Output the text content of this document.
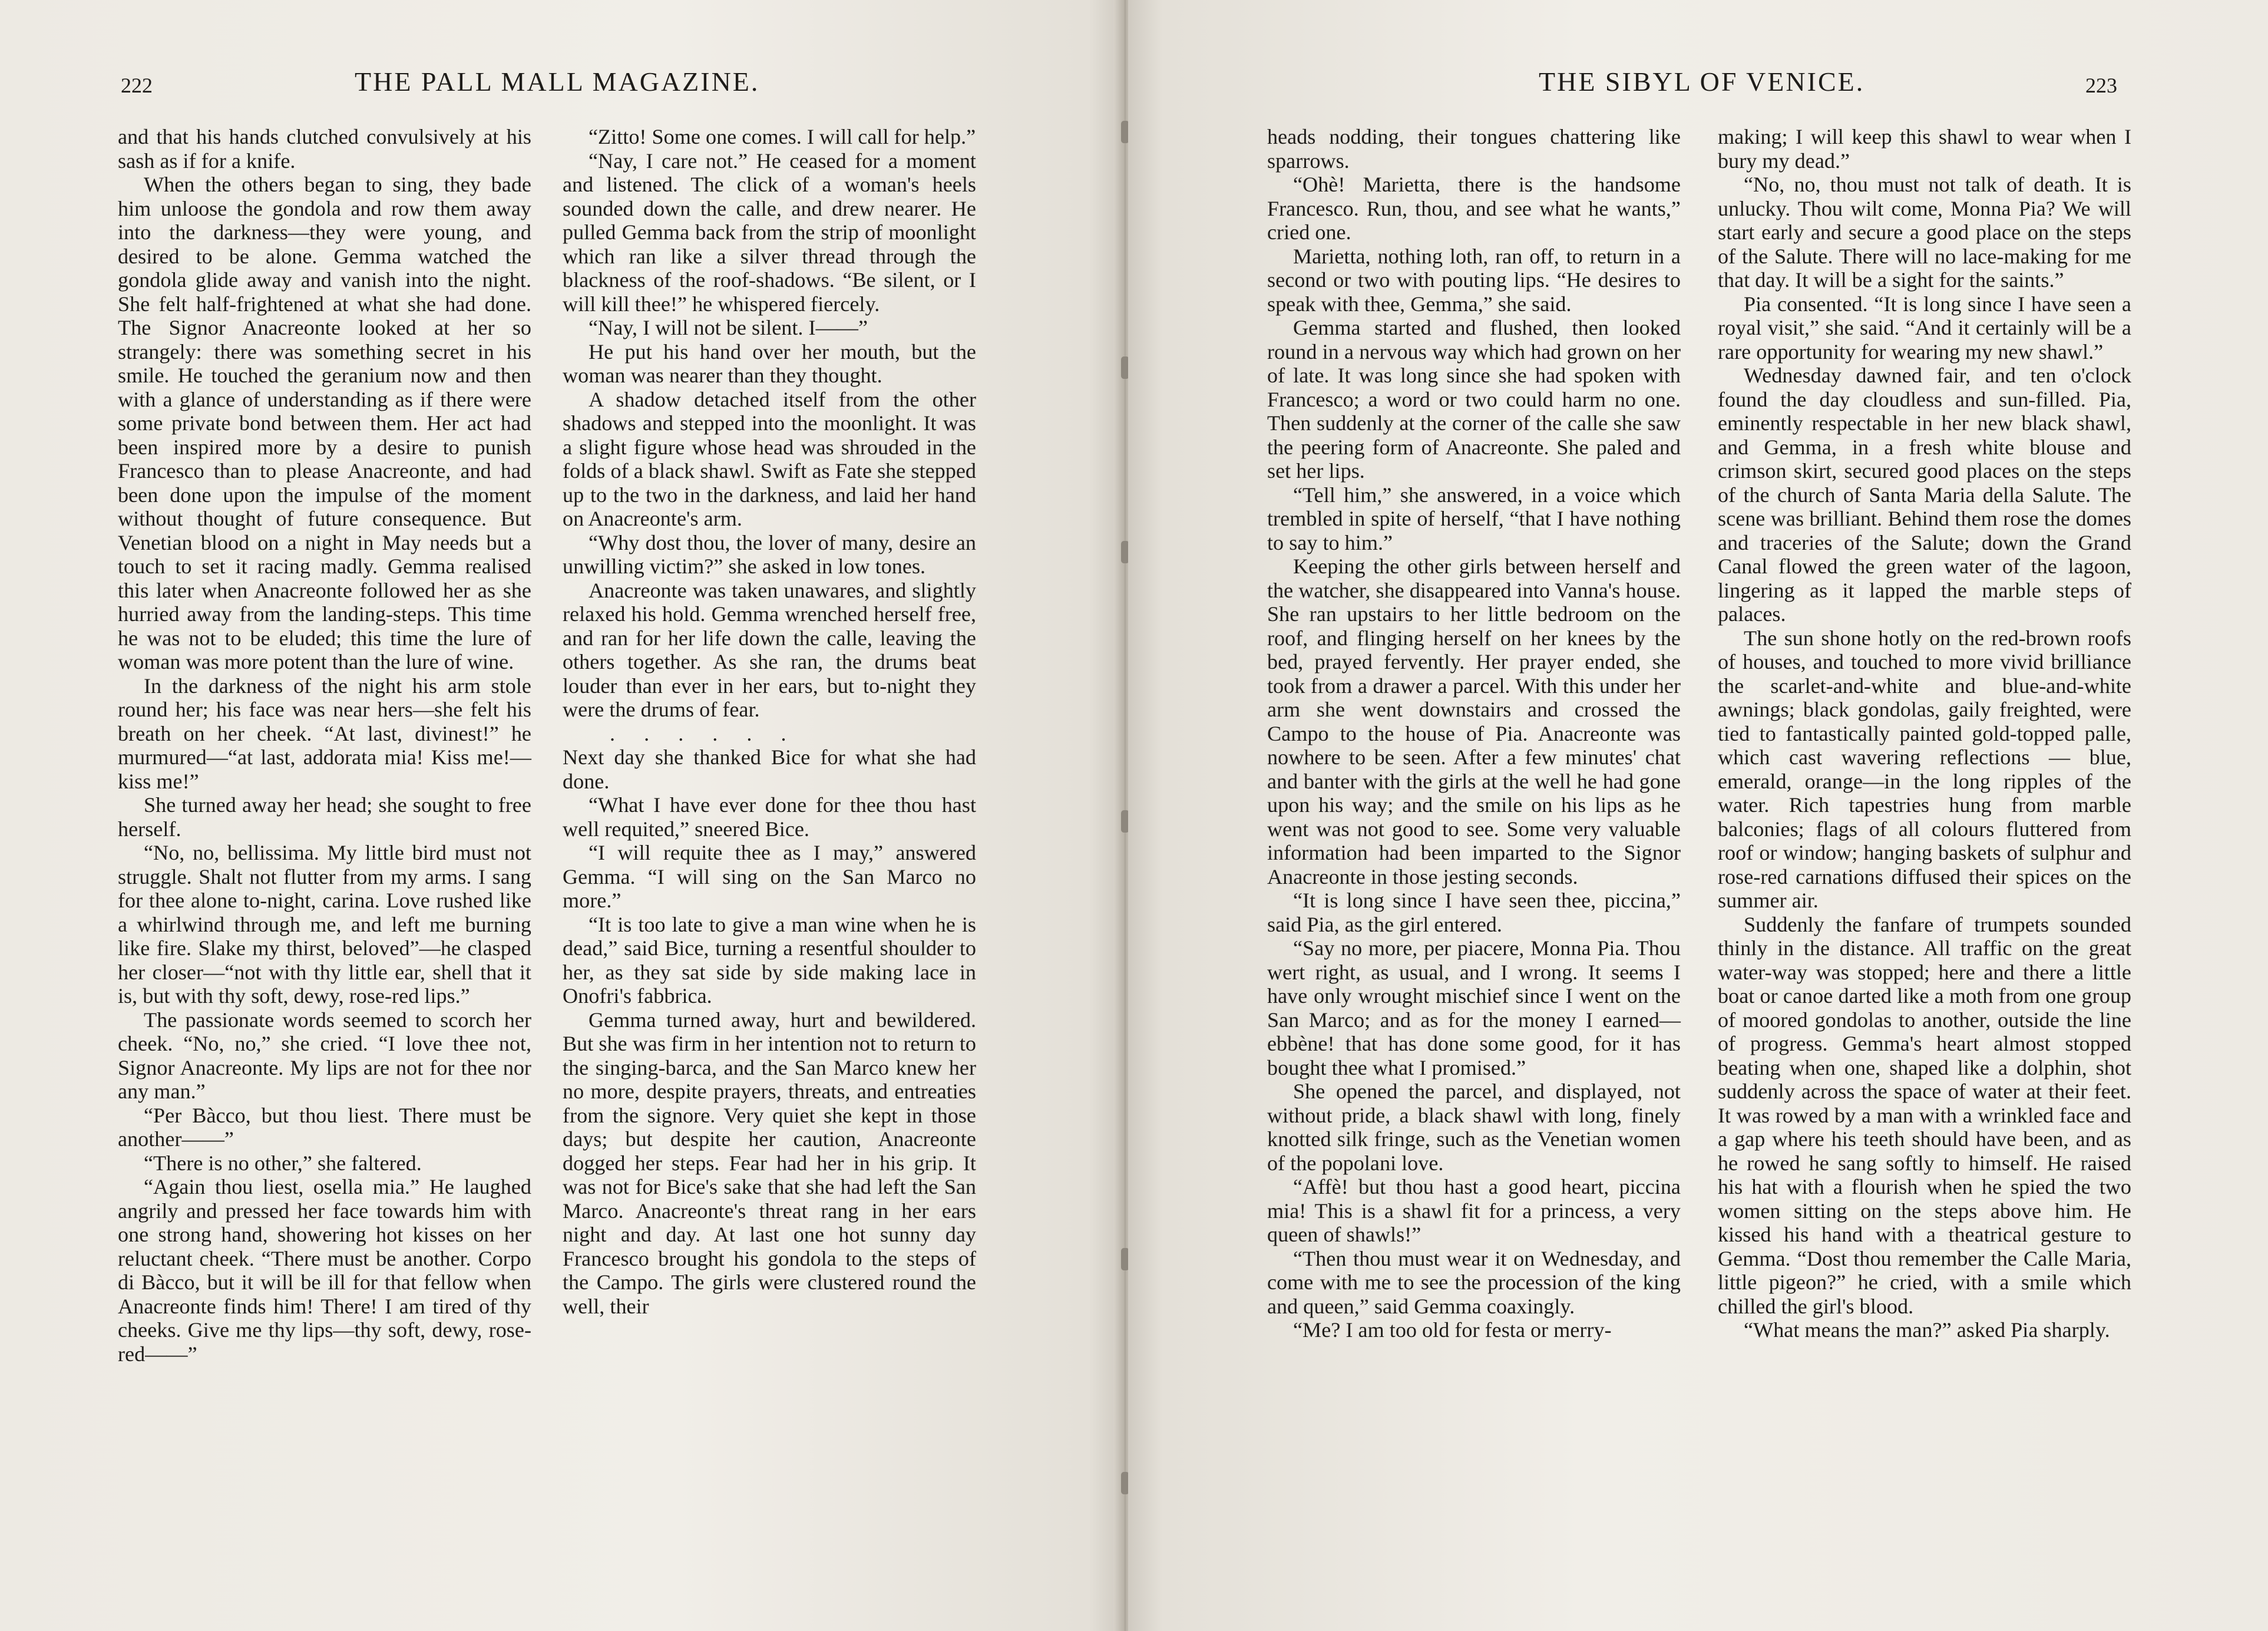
222	THE PALL MALL MAGAZINE.

and that his hands clutched convulsively at his sash as if for a knife.

When the others began to sing, they bade him unloose the gondola and row them away into the darkness—they were young, and desired to be alone. Gemma watched the gondola glide away and vanish into the night. She felt half-frightened at what she had done. The Signor Anacreonte looked at her so strangely: there was something secret in his smile. He touched the geranium now and then with a glance of understanding as if there were some private bond between them. Her act had been inspired more by a desire to punish Francesco than to please Anacreonte, and had been done upon the impulse of the moment without thought of future consequence. But Venetian blood on a night in May needs but a touch to set it racing madly. Gemma realised this later when Anacreonte followed her as she hurried away from the landing-steps. This time he was not to be eluded; this time the lure of woman was more potent than the lure of wine.

In the darkness of the night his arm stole round her; his face was near hers—she felt his breath on her cheek. “At last, divinest!” he murmured—“at last, addorata mia! Kiss me!—kiss me!”

She turned away her head; she sought to free herself.

“No, no, bellissima. My little bird must not struggle. Shalt not flutter from my arms. I sang for thee alone to-night, carina. Love rushed like a whirlwind through me, and left me burning like fire. Slake my thirst, beloved”—he clasped her closer—“not with thy little ear, shell that it is, but with thy soft, dewy, rose-red lips.”

The passionate words seemed to scorch her cheek. “No, no,” she cried. “I love thee not, Signor Anacreonte. My lips are not for thee nor any man.”

“Per Bàcco, but thou liest. There must be another——”

“There is no other,” she faltered.

“Again thou liest, osella mia.” He laughed angrily and pressed her face towards him with one strong hand, showering hot kisses on her reluctant cheek. “There must be another. Corpo di Bàcco, but it will be ill for that fellow when Anacreonte finds him! There! I am tired of thy cheeks. Give me thy lips—thy soft, dewy, rose-red——”

“Zitto! Some one comes. I will call for help.”

“Nay, I care not.” He ceased for a moment and listened. The click of a woman's heels sounded down the calle, and drew nearer. He pulled Gemma back from the strip of moonlight which ran like a silver thread through the blackness of the roof-shadows. “Be silent, or I will kill thee!” he whispered fiercely.

“Nay, I will not be silent. I——”

He put his hand over her mouth, but the woman was nearer than they thought.

A shadow detached itself from the other shadows and stepped into the moonlight. It was a slight figure whose head was shrouded in the folds of a black shawl. Swift as Fate she stepped up to the two in the darkness, and laid her hand on Anacreonte's arm.

“Why dost thou, the lover of many, desire an unwilling victim?” she asked in low tones.

Anacreonte was taken unawares, and slightly relaxed his hold. Gemma wrenched herself free, and ran for her life down the calle, leaving the others together. As she ran, the drums beat louder than ever in her ears, but to-night they were the drums of fear.

. . . . . .

Next day she thanked Bice for what she had done.

“What I have ever done for thee thou hast well requited,” sneered Bice.

“I will requite thee as I may,” answered Gemma. “I will sing on the San Marco no more.”

“It is too late to give a man wine when he is dead,” said Bice, turning a resentful shoulder to her, as they sat side by side making lace in Onofri's fabbrica.

Gemma turned away, hurt and bewildered. But she was firm in her intention not to return to the singing-barca, and the San Marco knew her no more, despite prayers, threats, and entreaties from the signore. Very quiet she kept in those days; but despite her caution, Anacreonte dogged her steps. Fear had her in his grip. It was not for Bice's sake that she had left the San Marco. Anacreonte's threat rang in her ears night and day. At last one hot sunny day Francesco brought his gondola to the steps of the Campo. The girls were clustered round the well, their

THE SIBYL OF VENICE.	223

heads nodding, their tongues chattering like sparrows.

“Ohè! Marietta, there is the handsome Francesco. Run, thou, and see what he wants,” cried one.

Marietta, nothing loth, ran off, to return in a second or two with pouting lips. “He desires to speak with thee, Gemma,” she said.

Gemma started and flushed, then looked round in a nervous way which had grown on her of late. It was long since she had spoken with Francesco; a word or two could harm no one. Then suddenly at the corner of the calle she saw the peering form of Anacreonte. She paled and set her lips.

“Tell him,” she answered, in a voice which trembled in spite of herself, “that I have nothing to say to him.”

Keeping the other girls between herself and the watcher, she disappeared into Vanna's house. She ran upstairs to her little bedroom on the roof, and flinging herself on her knees by the bed, prayed fervently. Her prayer ended, she took from a drawer a parcel. With this under her arm she went downstairs and crossed the Campo to the house of Pia. Anacreonte was nowhere to be seen. After a few minutes' chat and banter with the girls at the well he had gone upon his way; and the smile on his lips as he went was not good to see. Some very valuable information had been imparted to the Signor Anacreonte in those jesting seconds.

“It is long since I have seen thee, piccina,” said Pia, as the girl entered.

“Say no more, per piacere, Monna Pia. Thou wert right, as usual, and I wrong. It seems I have only wrought mischief since I went on the San Marco; and as for the money I earned—ebbène! that has done some good, for it has bought thee what I promised.”

She opened the parcel, and displayed, not without pride, a black shawl with long, finely knotted silk fringe, such as the Venetian women of the popolani love.

“Affè! but thou hast a good heart, piccina mia! This is a shawl fit for a princess, a very queen of shawls!”

“Then thou must wear it on Wednesday, and come with me to see the procession of the king and queen,” said Gemma coaxingly.

“Me? I am too old for festa or merry-

making; I will keep this shawl to wear when I bury my dead.”

“No, no, thou must not talk of death. It is unlucky. Thou wilt come, Monna Pia? We will start early and secure a good place on the steps of the Salute. There will no lace-making for me that day. It will be a sight for the saints.”

Pia consented. “It is long since I have seen a royal visit,” she said. “And it certainly will be a rare opportunity for wearing my new shawl.”

Wednesday dawned fair, and ten o'clock found the day cloudless and sun-filled. Pia, eminently respectable in her new black shawl, and Gemma, in a fresh white blouse and crimson skirt, secured good places on the steps of the church of Santa Maria della Salute. The scene was brilliant. Behind them rose the domes and traceries of the Salute; down the Grand Canal flowed the green water of the lagoon, lingering as it lapped the marble steps of palaces.

The sun shone hotly on the red-brown roofs of houses, and touched to more vivid brilliance the scarlet-and-white and blue-and-white awnings; black gondolas, gaily freighted, were tied to fantastically painted gold-topped palle, which cast wavering reflections — blue, emerald, orange—in the long ripples of the water. Rich tapestries hung from marble balconies; flags of all colours fluttered from roof or window; hanging baskets of sulphur and rose-red carnations diffused their spices on the summer air.

Suddenly the fanfare of trumpets sounded thinly in the distance. All traffic on the great water-way was stopped; here and there a little boat or canoe darted like a moth from one group of moored gondolas to another, outside the line of progress. Gemma's heart almost stopped beating when one, shaped like a dolphin, shot suddenly across the space of water at their feet. It was rowed by a man with a wrinkled face and a gap where his teeth should have been, and as he rowed he sang softly to himself. He raised his hat with a flourish when he spied the two women sitting on the steps above him. He kissed his hand with a theatrical gesture to Gemma. “Dost thou remember the Calle Maria, little pigeon?” he cried, with a smile which chilled the girl's blood.

“What means the man?” asked Pia sharply.
